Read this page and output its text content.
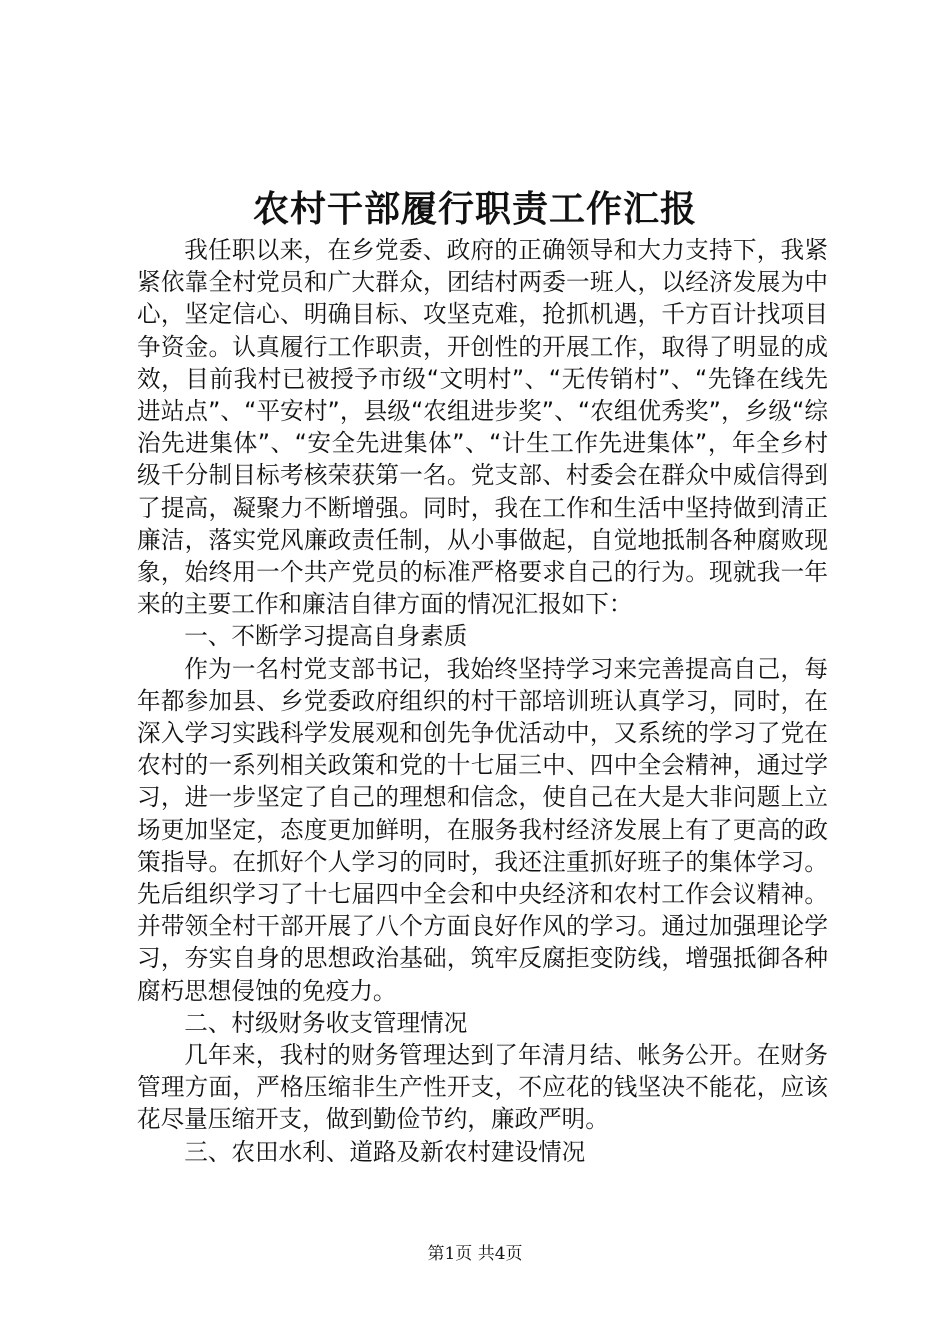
农村干部履行职责工作汇报

我任职以来，在乡党委、政府的正确领导和大力支持下，我紧紧依靠全村党员和广大群众，团结村两委一班人，以经济发展为中心，坚定信心、明确目标、攻坚克难，抢抓机遇，千方百计找项目争资金。认真履行工作职责，开创性的开展工作，取得了明显的成效，目前我村已被授予市级“文明村”、“无传销村”、“先锋在线先进站点”、“平安村”，县级“农组进步奖”、“农组优秀奖”，乡级“综治先进集体”、“安全先进集体”、“计生工作先进集体”，年全乡村级千分制目标考核荣获第一名。党支部、村委会在群众中威信得到了提高，凝聚力不断增强。同时，我在工作和生活中坚持做到清正廉洁，落实党风廉政责任制，从小事做起，自觉地抵制各种腐败现象，始终用一个共产党员的标准严格要求自己的行为。现就我一年来的主要工作和廉洁自律方面的情况汇报如下：

一、不断学习提高自身素质

作为一名村党支部书记，我始终坚持学习来完善提高自己，每年都参加县、乡党委政府组织的村干部培训班认真学习，同时，在深入学习实践科学发展观和创先争优活动中，又系统的学习了党在农村的一系列相关政策和党的十七届三中、四中全会精神，通过学习，进一步坚定了自己的理想和信念，使自己在大是大非问题上立场更加坚定，态度更加鲜明，在服务我村经济发展上有了更高的政策指导。在抓好个人学习的同时，我还注重抓好班子的集体学习。先后组织学习了十七届四中全会和中央经济和农村工作会议精神。并带领全村干部开展了八个方面良好作风的学习。通过加强理论学习，夯实自身的思想政治基础，筑牢反腐拒变防线，增强抵御各种腐朽思想侵蚀的免疫力。

二、村级财务收支管理情况

几年来，我村的财务管理达到了年清月结、帐务公开。在财务管理方面，严格压缩非生产性开支，不应花的钱坚决不能花，应该花尽量压缩开支，做到勤俭节约，廉政严明。

三、农田水利、道路及新农村建设情况

第1页 共4页
